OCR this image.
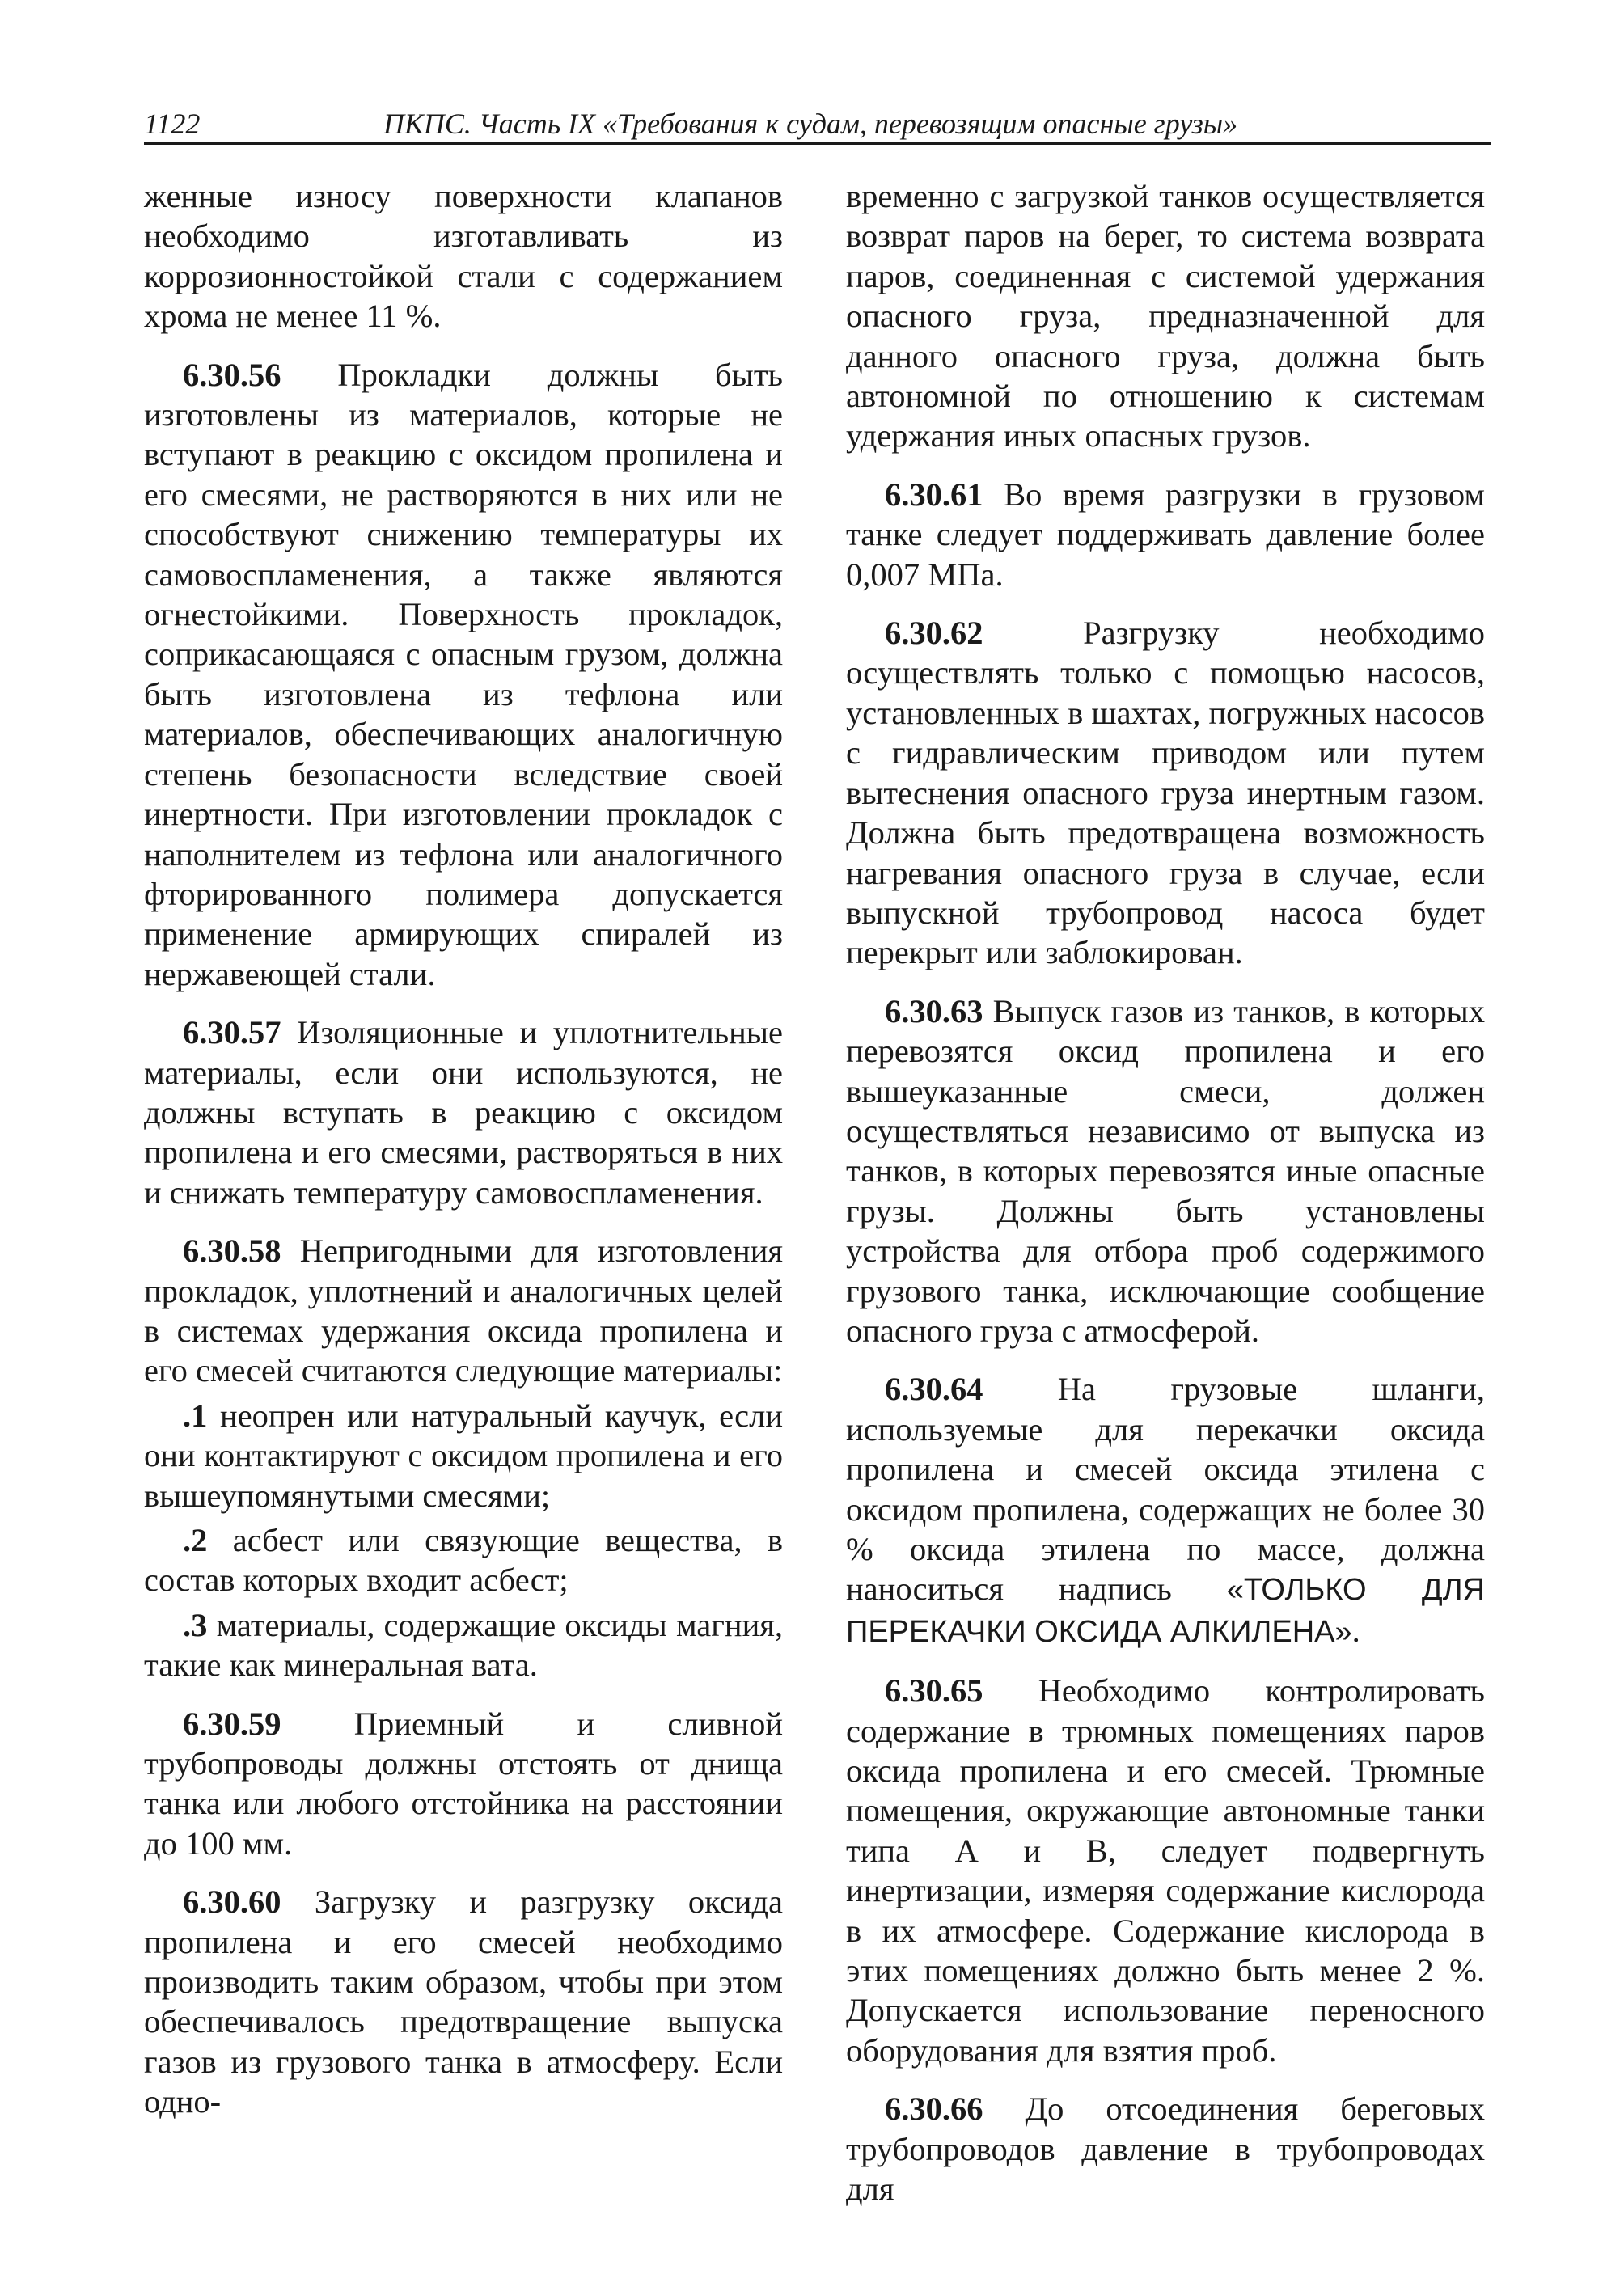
1122	ПКПС. Часть IX «Требования к судам, перевозящим опасные грузы»

женные износу поверхности клапанов необходимо изготавливать из коррозионностойкой стали с содержанием хрома не менее 11 %.

6.30.56 Прокладки должны быть изготовлены из материалов, которые не вступают в реакцию с оксидом пропилена и его смесями, не растворяются в них или не способствуют снижению температуры их самовоспламенения, а также являются огнестойкими. Поверхность прокладок, соприкасающаяся с опасным грузом, должна быть изготовлена из тефлона или материалов, обеспечивающих аналогичную степень безопасности вследствие своей инертности. При изготовлении прокладок с наполнителем из тефлона или аналогичного фторированного полимера допускается применение армирующих спиралей из нержавеющей стали.

6.30.57 Изоляционные и уплотнительные материалы, если они используются, не должны вступать в реакцию с оксидом пропилена и его смесями, растворяться в них и снижать температуру самовоспламенения.

6.30.58 Непригодными для изготовления прокладок, уплотнений и аналогичных целей в системах удержания оксида пропилена и его смесей считаются следующие материалы:

.1 неопрен или натуральный каучук, если они контактируют с оксидом пропилена и его вышеупомянутыми смесями;

.2 асбест или связующие вещества, в состав которых входит асбест;

.3 материалы, содержащие оксиды магния, такие как минеральная вата.

6.30.59 Приемный и сливной трубопроводы должны отстоять от днища танка или любого отстойника на расстоянии до 100 мм.

6.30.60 Загрузку и разгрузку оксида пропилена и его смесей необходимо производить таким образом, чтобы при этом обеспечивалось предотвращение выпуска газов из грузового танка в атмосферу. Если одно-

временно с загрузкой танков осуществляется возврат паров на берег, то система возврата паров, соединенная с системой удержания опасного груза, предназначенной для данного опасного груза, должна быть автономной по отношению к системам удержания иных опасных грузов.

6.30.61 Во время разгрузки в грузовом танке следует поддерживать давление более 0,007 МПа.

6.30.62 Разгрузку необходимо осуществлять только с помощью насосов, установленных в шахтах, погружных насосов с гидравлическим приводом или путем вытеснения опасного груза инертным газом. Должна быть предотвращена возможность нагревания опасного груза в случае, если выпускной трубопровод насоса будет перекрыт или заблокирован.

6.30.63 Выпуск газов из танков, в которых перевозятся оксид пропилена и его вышеуказанные смеси, должен осуществляться независимо от выпуска из танков, в которых перевозятся иные опасные грузы. Должны быть установлены устройства для отбора проб содержимого грузового танка, исключающие сообщение опасного груза с атмосферой.

6.30.64 На грузовые шланги, используемые для перекачки оксида пропилена и смесей оксида этилена с оксидом пропилена, содержащих не более 30 % оксида этилена по массе, должна наноситься надпись «ТОЛЬКО ДЛЯ ПЕРЕКАЧКИ ОКСИДА АЛКИЛЕНА».

6.30.65 Необходимо контролировать содержание в трюмных помещениях паров оксида пропилена и его смесей. Трюмные помещения, окружающие автономные танки типа А и В, следует подвергнуть инертизации, измеряя содержание кислорода в их атмосфере. Содержание кислорода в этих помещениях должно быть менее 2 %. Допускается использование переносного оборудования для взятия проб.

6.30.66 До отсоединения береговых трубопроводов давление в трубопроводах для
